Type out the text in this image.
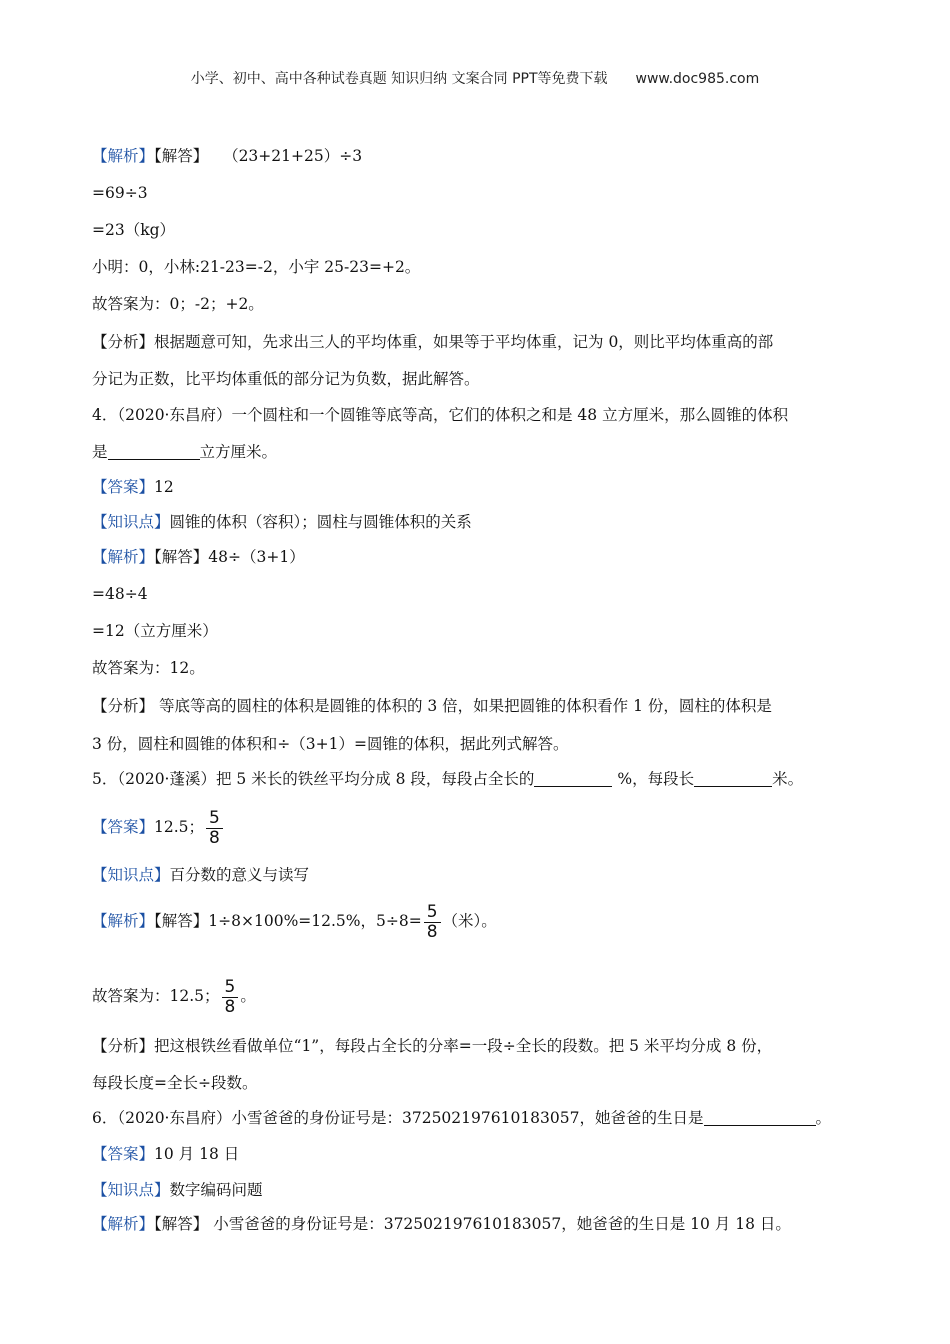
小学、初中、高中各种试卷真题 知识归纳 文案合同 PPT等免费下载 www.doc985.com
【解析】【解答】 （23+21+25）÷3
=69÷3
=23（kg）
小明：0，小林:21-23=-2，小宇 25-23=+2。
故答案为：0；-2；+2。
【分析】根据题意可知，先求出三人的平均体重，如果等于平均体重，记为 0，则比平均体重高的部
分记为正数，比平均体重低的部分记为负数，据此解答。
4．（2020·东昌府）一个圆柱和一个圆锥等底等高，它们的体积之和是 48 立方厘米，那么圆锥的体积
是	立方厘米。
【答案】12
【知识点】圆锥的体积（容积）；圆柱与圆锥体积的关系
【解析】【解答】48÷（3+1）
=48÷4
=12（立方厘米）
故答案为：12。
【分析】 等底等高的圆柱的体积是圆锥的体积的 3 倍，如果把圆锥的体积看作 1 份，圆柱的体积是
3 份，圆柱和圆锥的体积和÷（3+1）=圆锥的体积，据此列式解答。
5．（2020·蓬溪）把 5 米长的铁丝平均分成 8 段，每段占全长的	%，每段长	米。
【答案】12.5； $\frac{5}{8}$
【知识点】百分数的意义与读写
【解析】【解答】1÷8×100%=12.5%，$5\div 8= \frac{5}{8}$ （米）。
故答案为：12.5； $\frac{5}{8}$ 。
【分析】把这根铁丝看做单位“1”，每段占全长的分率=一段÷全长的段数。把 5 米平均分成 8 份，
每段长度=全长÷段数。
6．（2020·东昌府）小雪爸爸的身份证号是：372502197610183057，她爸爸的生日是	。
【答案】10 月 18 日
【知识点】数字编码问题
【解析】【解答】 小雪爸爸的身份证号是：372502197610183057，她爸爸的生日是 10 月 18 日。
